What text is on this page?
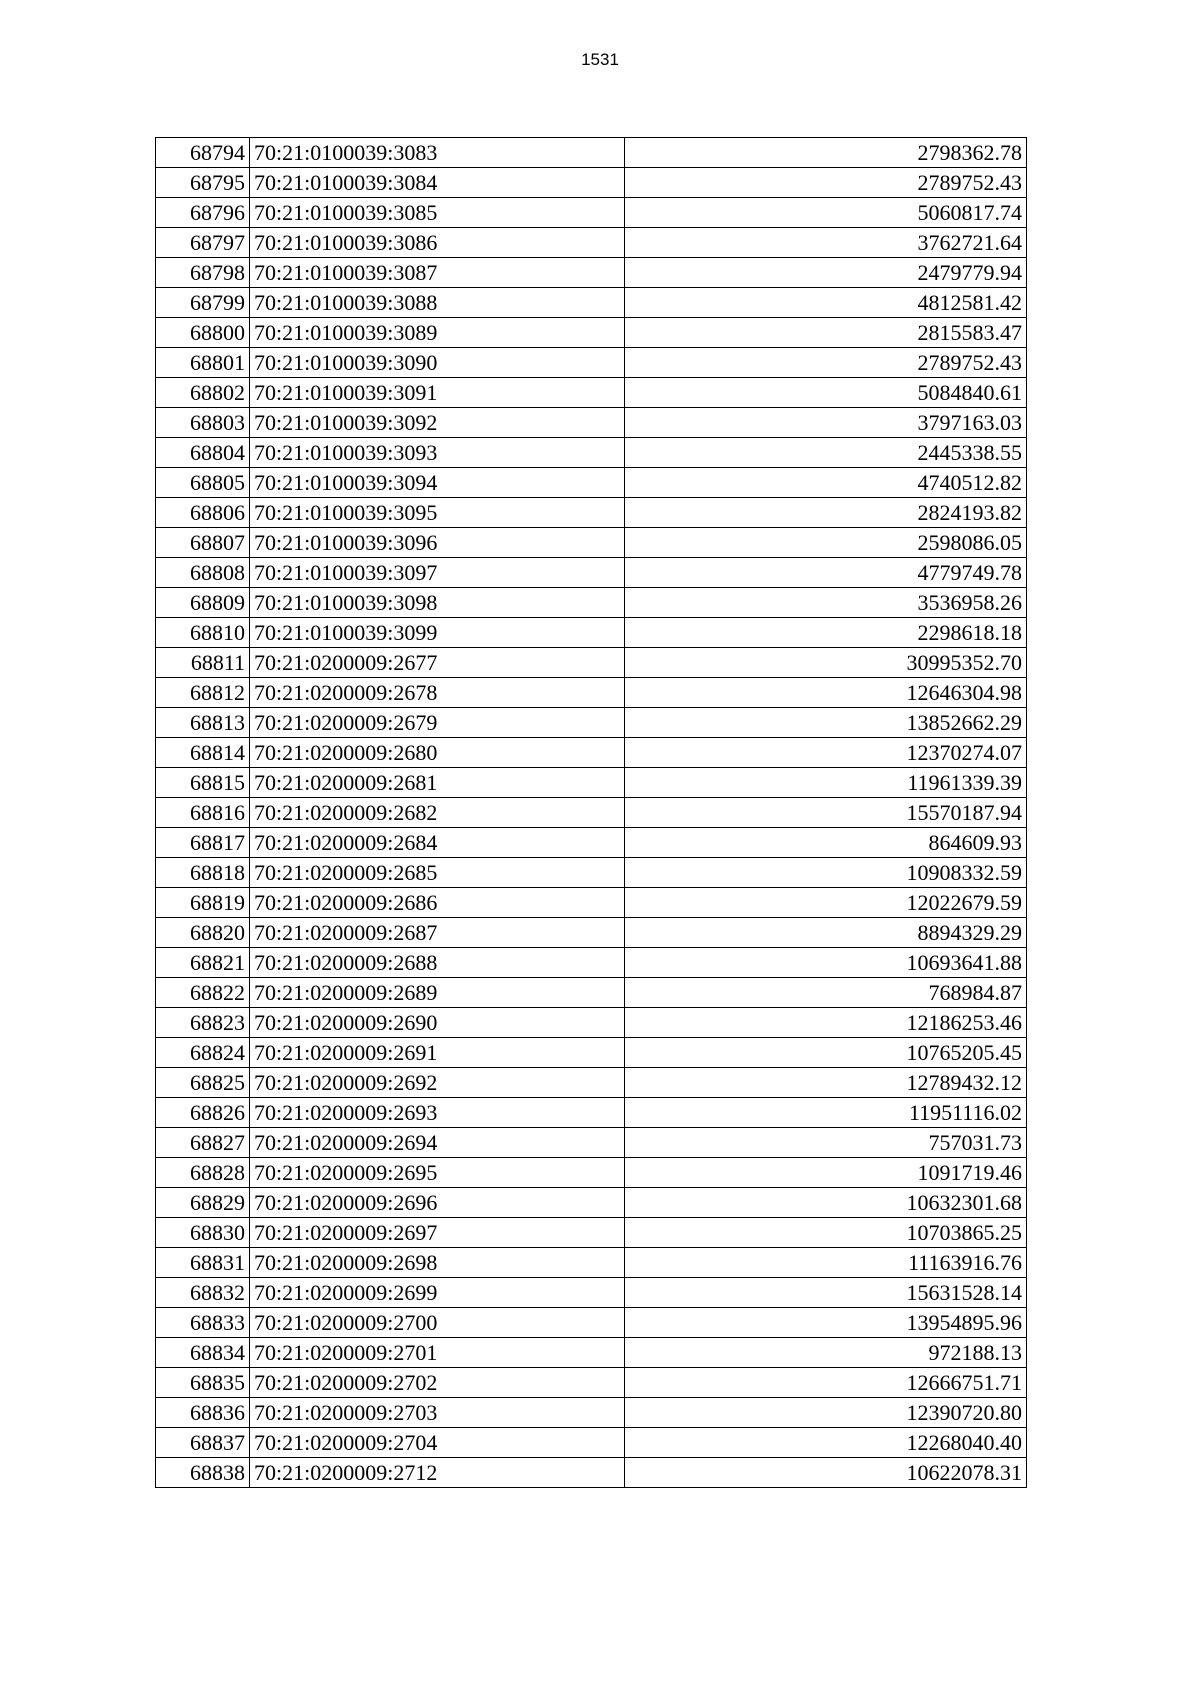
1531
68794	70:21:0100039:3083	2798362.78
68795	70:21:0100039:3084	2789752.43
68796	70:21:0100039:3085	5060817.74
68797	70:21:0100039:3086	3762721.64
68798	70:21:0100039:3087	2479779.94
68799	70:21:0100039:3088	4812581.42
68800	70:21:0100039:3089	2815583.47
68801	70:21:0100039:3090	2789752.43
68802	70:21:0100039:3091	5084840.61
68803	70:21:0100039:3092	3797163.03
68804	70:21:0100039:3093	2445338.55
68805	70:21:0100039:3094	4740512.82
68806	70:21:0100039:3095	2824193.82
68807	70:21:0100039:3096	2598086.05
68808	70:21:0100039:3097	4779749.78
68809	70:21:0100039:3098	3536958.26
68810	70:21:0100039:3099	2298618.18
68811	70:21:0200009:2677	30995352.70
68812	70:21:0200009:2678	12646304.98
68813	70:21:0200009:2679	13852662.29
68814	70:21:0200009:2680	12370274.07
68815	70:21:0200009:2681	11961339.39
68816	70:21:0200009:2682	15570187.94
68817	70:21:0200009:2684	864609.93
68818	70:21:0200009:2685	10908332.59
68819	70:21:0200009:2686	12022679.59
68820	70:21:0200009:2687	8894329.29
68821	70:21:0200009:2688	10693641.88
68822	70:21:0200009:2689	768984.87
68823	70:21:0200009:2690	12186253.46
68824	70:21:0200009:2691	10765205.45
68825	70:21:0200009:2692	12789432.12
68826	70:21:0200009:2693	11951116.02
68827	70:21:0200009:2694	757031.73
68828	70:21:0200009:2695	1091719.46
68829	70:21:0200009:2696	10632301.68
68830	70:21:0200009:2697	10703865.25
68831	70:21:0200009:2698	11163916.76
68832	70:21:0200009:2699	15631528.14
68833	70:21:0200009:2700	13954895.96
68834	70:21:0200009:2701	972188.13
68835	70:21:0200009:2702	12666751.71
68836	70:21:0200009:2703	12390720.80
68837	70:21:0200009:2704	12268040.40
68838	70:21:0200009:2712	10622078.31
